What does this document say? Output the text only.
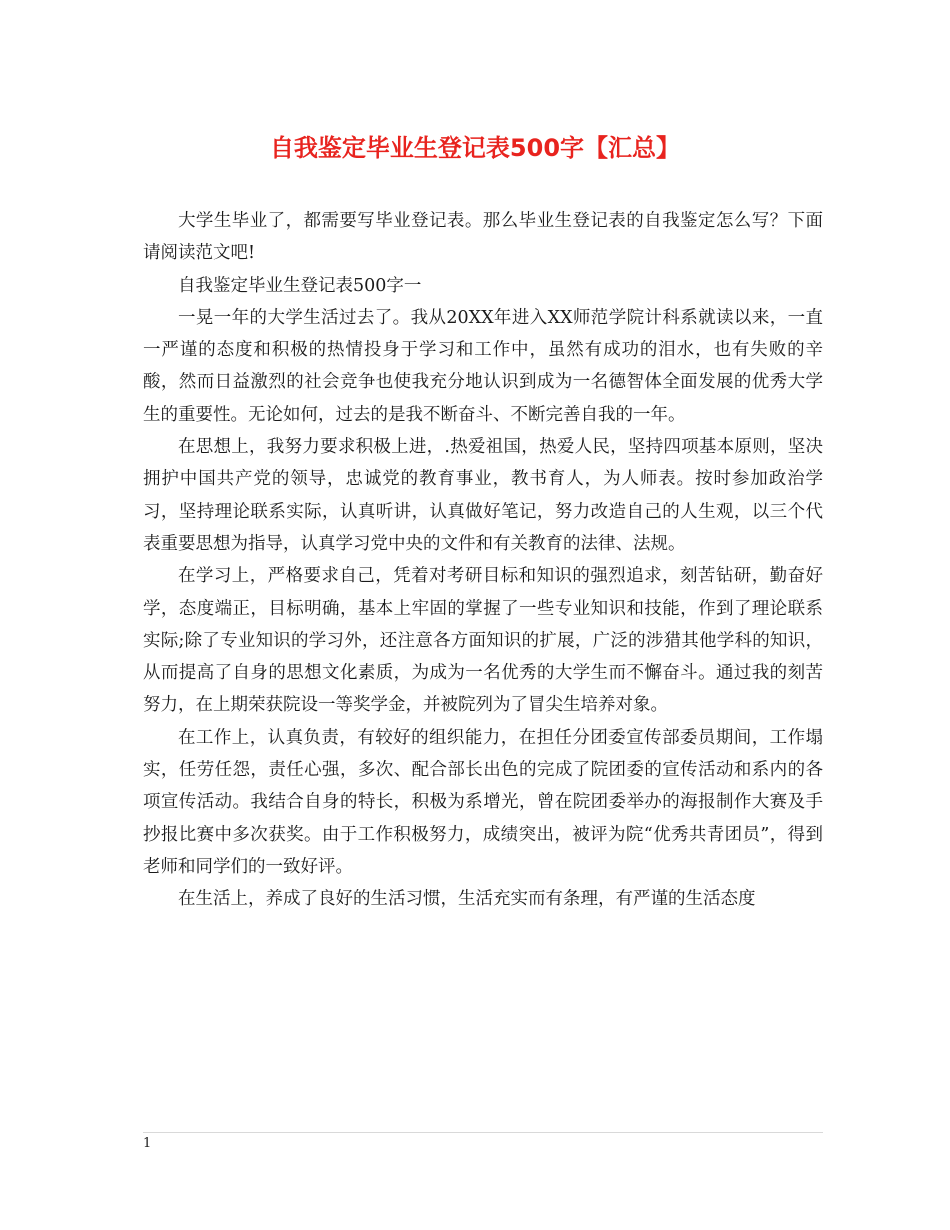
自我鉴定毕业生登记表500字【汇总】

大学生毕业了，都需要写毕业登记表。那么毕业生登记表的自我鉴定怎么写？下面请阅读范文吧!

自我鉴定毕业生登记表500字一

一晃一年的大学生活过去了。我从20XX年进入XX师范学院计科系就读以来，一直一严谨的态度和积极的热情投身于学习和工作中，虽然有成功的泪水，也有失败的辛酸，然而日益激烈的社会竞争也使我充分地认识到成为一名德智体全面发展的优秀大学生的重要性。无论如何，过去的是我不断奋斗、不断完善自我的一年。

在思想上，我努力要求积极上进，.热爱祖国，热爱人民，坚持四项基本原则，坚决拥护中国共产党的领导，忠诚党的教育事业，教书育人，为人师表。按时参加政治学习，坚持理论联系实际，认真听讲，认真做好笔记，努力改造自己的人生观，以三个代表重要思想为指导，认真学习党中央的文件和有关教育的法律、法规。

在学习上，严格要求自己，凭着对考研目标和知识的强烈追求，刻苦钻研，勤奋好学，态度端正，目标明确，基本上牢固的掌握了一些专业知识和技能，作到了理论联系实际;除了专业知识的学习外，还注意各方面知识的扩展，广泛的涉猎其他学科的知识，从而提高了自身的思想文化素质，为成为一名优秀的大学生而不懈奋斗。通过我的刻苦努力，在上期荣获院设一等奖学金，并被院列为了冒尖生培养对象。

在工作上，认真负责，有较好的组织能力，在担任分团委宣传部委员期间，工作塌实，任劳任怨，责任心强，多次、配合部长出色的完成了院团委的宣传活动和系内的各项宣传活动。我结合自身的特长，积极为系增光，曾在院团委举办的海报制作大赛及手抄报比赛中多次获奖。由于工作积极努力，成绩突出，被评为院“优秀共青团员”，得到老师和同学们的一致好评。

在生活上，养成了良好的生活习惯，生活充实而有条理，有严谨的生活态度

1
